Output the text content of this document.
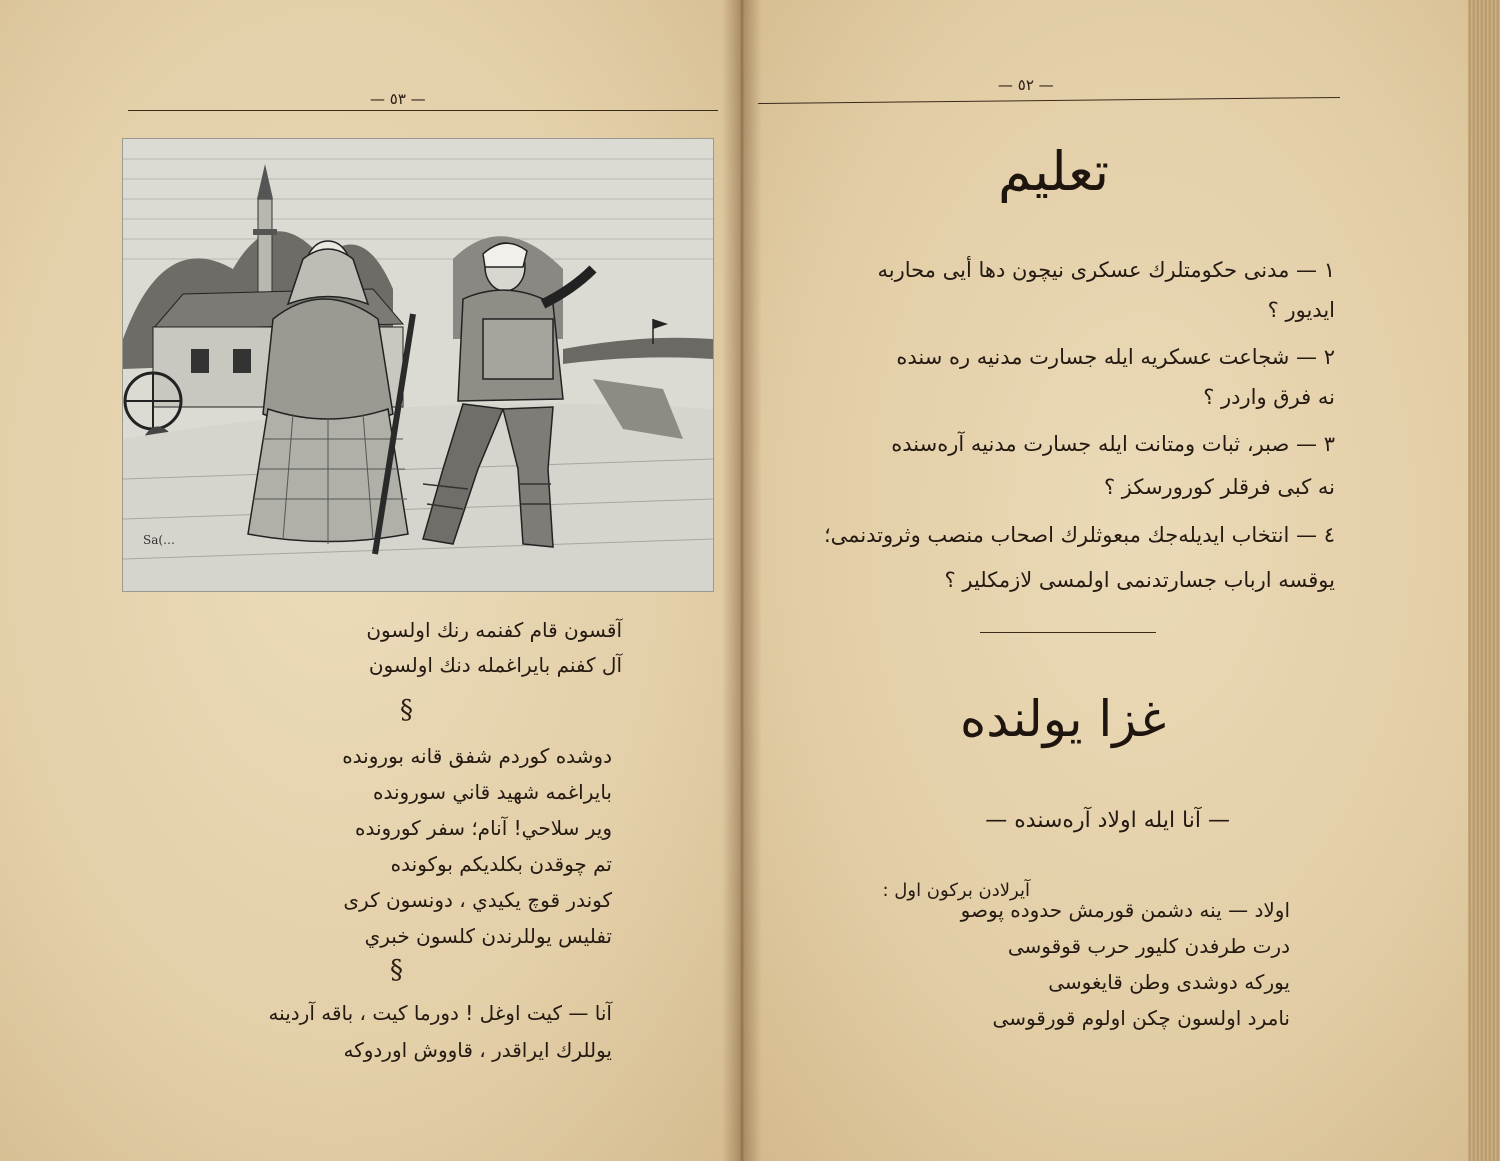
— ٥٣ —
Sa(…
آقسون قام كفنمه رنك اولسون
آل كفنم بايراغمله دنك اولسون
§
دوشده كوردم شفق قانه بورونده
بايراغمه شهيد قاني سورونده
وير سلاحي! آنام؛ سفر كورونده
تم چوقدن بكلديكم بوكونده
كوندر قوچ يكيدي ، دونسون كرى
تفليس يوللرندن كلسون خبري
§
آنا — كيت اوغل ! دورما كيت ، باقه آردينه
يوللرك ايراقدر ، قاووش اوردوكه
— ٥٢ —
تعليم
١ — مدنى حكومتلرك عسكرى نيچون دها أيى محاربه
ايديور ؟
٢ — شجاعت عسكريه ايله جسارت مدنيه ره سنده
نه فرق واردر ؟
٣ — صبر، ثبات ومتانت ايله جسارت مدنيه آره‌سنده
نه كبى فرقلر كورورسكز ؟
٤ — انتخاب ايديله‌جك مبعوثلرك اصحاب منصب وثروتدنمى؛
يوقسه ارباب جسارتدنمى اولمسى لازمكلير ؟
غزا يولنده
— آنا ايله اولاد آره‌سنده —
آيرلادن بركون اول :
اولاد — ينه دشمن قورمش حدوده پوصو
درت طرفدن كليور حرب قوقوسى
يوركه دوشدى وطن قايغوسى
نامرد اولسون چكن اولوم قورقوسى
